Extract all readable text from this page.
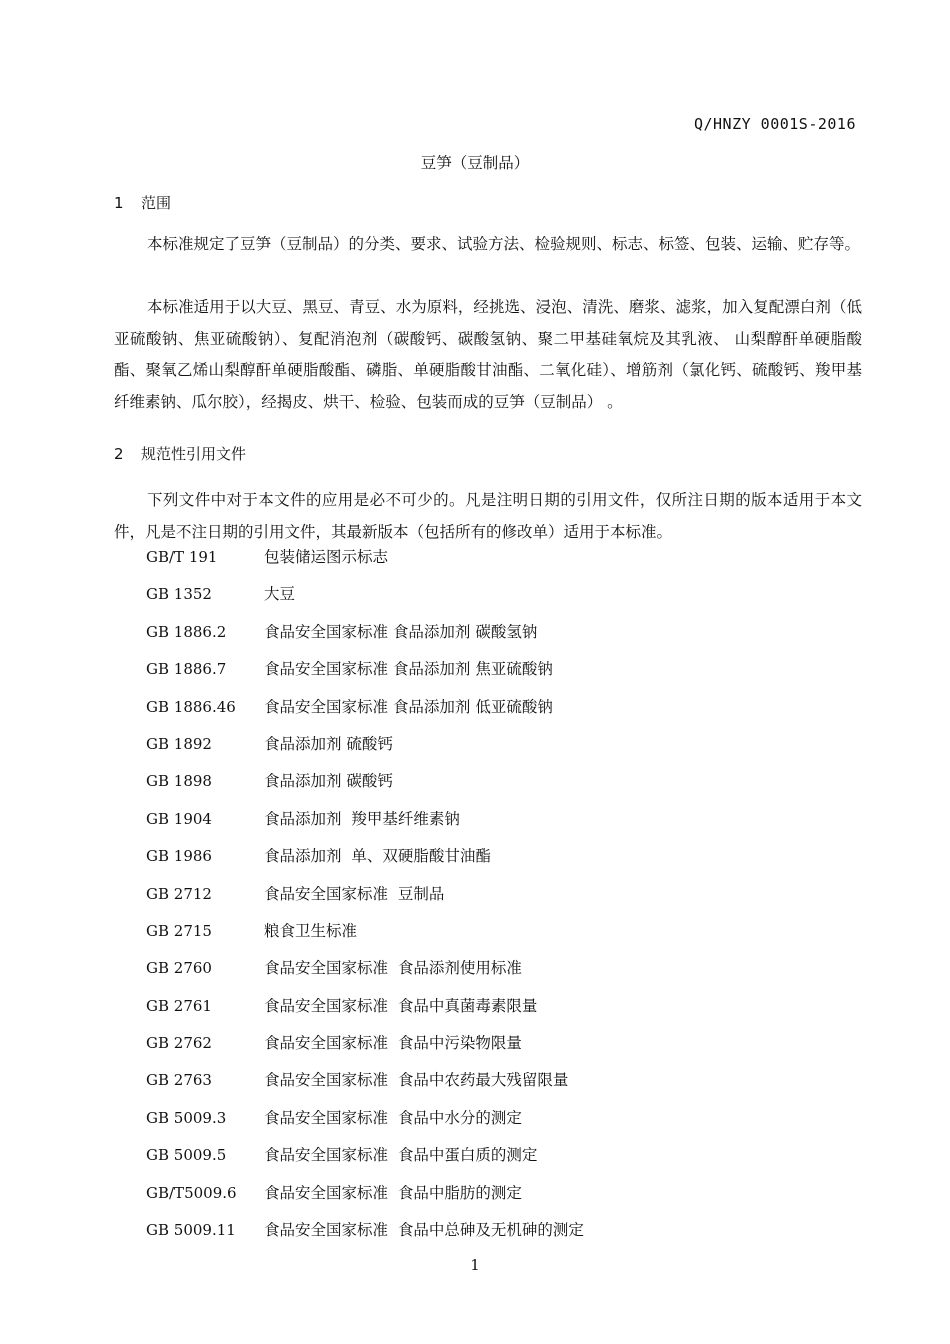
Q/HNZY 0001S-2016
豆笋（豆制品）
1 范围

本标准规定了豆笋（豆制品）的分类、要求、试验方法、检验规则、标志、标签、包装、运输、贮存等。

本标准适用于以大豆、黑豆、青豆、水为原料，经挑选、浸泡、清洗、磨浆、滤浆，加入复配漂白剂（低亚硫酸钠、焦亚硫酸钠）、复配消泡剂（碳酸钙、碳酸氢钠、聚二甲基硅氧烷及其乳液、 山梨醇酐单硬脂酸酯、聚氧乙烯山梨醇酐单硬脂酸酯、磷脂、单硬脂酸甘油酯、二氧化硅）、增筋剂（氯化钙、硫酸钙、羧甲基纤维素钠、瓜尔胶），经揭皮、烘干、检验、包装而成的豆笋（豆制品） 。

2 规范性引用文件

下列文件中对于本文件的应用是必不可少的。凡是注明日期的引用文件，仅所注日期的版本适用于本文件，凡是不注日期的引用文件，其最新版本（包括所有的修改单）适用于本标准。

GB/T 191	包装储运图示标志
GB 1352	大豆
GB 1886.2 食品安全国家标准 食品添加剂 碳酸氢钠
GB 1886.7 食品安全国家标准 食品添加剂 焦亚硫酸钠
GB 1886.46 食品安全国家标准 食品添加剂 低亚硫酸钠
GB 1892	食品添加剂 硫酸钙
GB 1898	食品添加剂 碳酸钙
GB 1904	食品添加剂  羧甲基纤维素钠
GB 1986	食品添加剂  单、双硬脂酸甘油酯
GB 2712	食品安全国家标准  豆制品
GB 2715	粮食卫生标准
GB 2760	食品安全国家标准  食品添剂使用标准
GB 2761	食品安全国家标准  食品中真菌毒素限量
GB 2762	食品安全国家标准  食品中污染物限量
GB 2763	食品安全国家标准  食品中农药最大残留限量
GB 5009.3 食品安全国家标准  食品中水分的测定
GB 5009.5 食品安全国家标准  食品中蛋白质的测定
GB/T5009.6 食品安全国家标准  食品中脂肪的测定
GB 5009.11 食品安全国家标准  食品中总砷及无机砷的测定
1
